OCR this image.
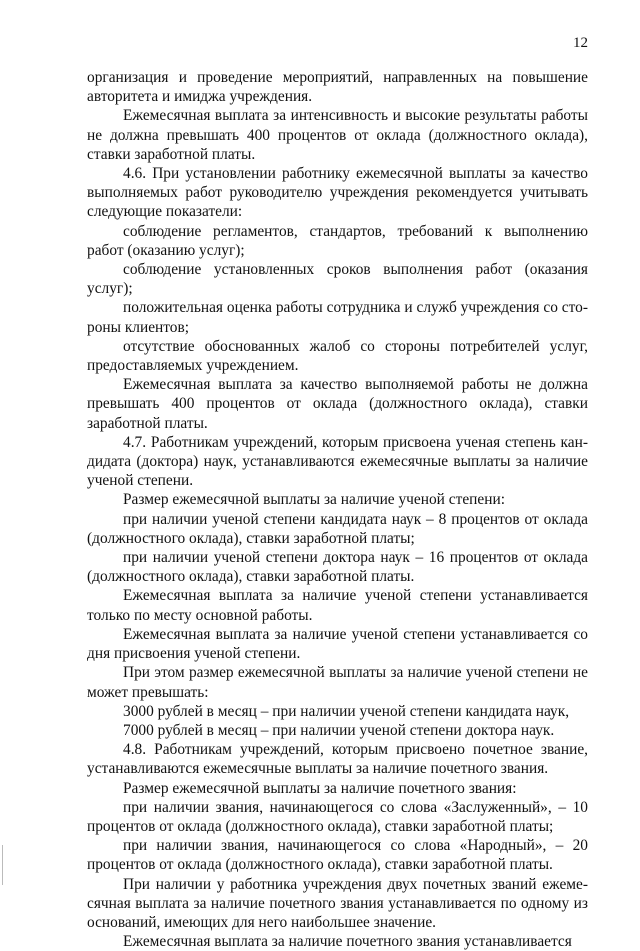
12

организация и проведение мероприятий, направленных на повышение авторитета и имиджа учреждения.

Ежемесячная выплата за интенсивность и высокие результаты работы не должна превышать 400 процентов от оклада (должностного оклада), ставки заработной платы.

4.6. При установлении работнику ежемесячной выплаты за качество выполняемых работ руководителю учреждения рекомендуется учитывать следующие показатели:

соблюдение регламентов, стандартов, требований к выполнению работ (оказанию услуг);

соблюдение установленных сроков выполнения работ (оказания услуг);

положительная оценка работы сотрудника и служб учреждения со стороны клиентов;

отсутствие обоснованных жалоб со стороны потребителей услуг, предоставляемых учреждением.

Ежемесячная выплата за качество выполняемой работы не должна превышать 400 процентов от оклада (должностного оклада), ставки заработной платы.

4.7. Работникам учреждений, которым присвоена ученая степень кандидата (доктора) наук, устанавливаются ежемесячные выплаты за наличие ученой степени.

Размер ежемесячной выплаты за наличие ученой степени:

при наличии ученой степени кандидата наук – 8 процентов от оклада (должностного оклада), ставки заработной платы;

при наличии ученой степени доктора наук – 16 процентов от оклада (должностного оклада), ставки заработной платы.

Ежемесячная выплата за наличие ученой степени устанавливается только по месту основной работы.

Ежемесячная выплата за наличие ученой степени устанавливается со дня присвоения ученой степени.

При этом размер ежемесячной выплаты за наличие ученой степени не может превышать:

3000 рублей в месяц – при наличии ученой степени кандидата наук,

7000 рублей в месяц – при наличии ученой степени доктора наук.

4.8. Работникам учреждений, которым присвоено почетное звание, устанавливаются ежемесячные выплаты за наличие почетного звания.

Размер ежемесячной выплаты за наличие почетного звания:

при наличии звания, начинающегося со слова «Заслуженный», – 10 процентов от оклада (должностного оклада), ставки заработной платы;

при наличии звания, начинающегося со слова «Народный», – 20 процентов от оклада (должностного оклада), ставки заработной платы.

При наличии у работника учреждения двух почетных званий ежемесячная выплата за наличие почетного звания устанавливается по одному из оснований, имеющих для него наибольшее значение.

Ежемесячная выплата за наличие почетного звания устанавливается
